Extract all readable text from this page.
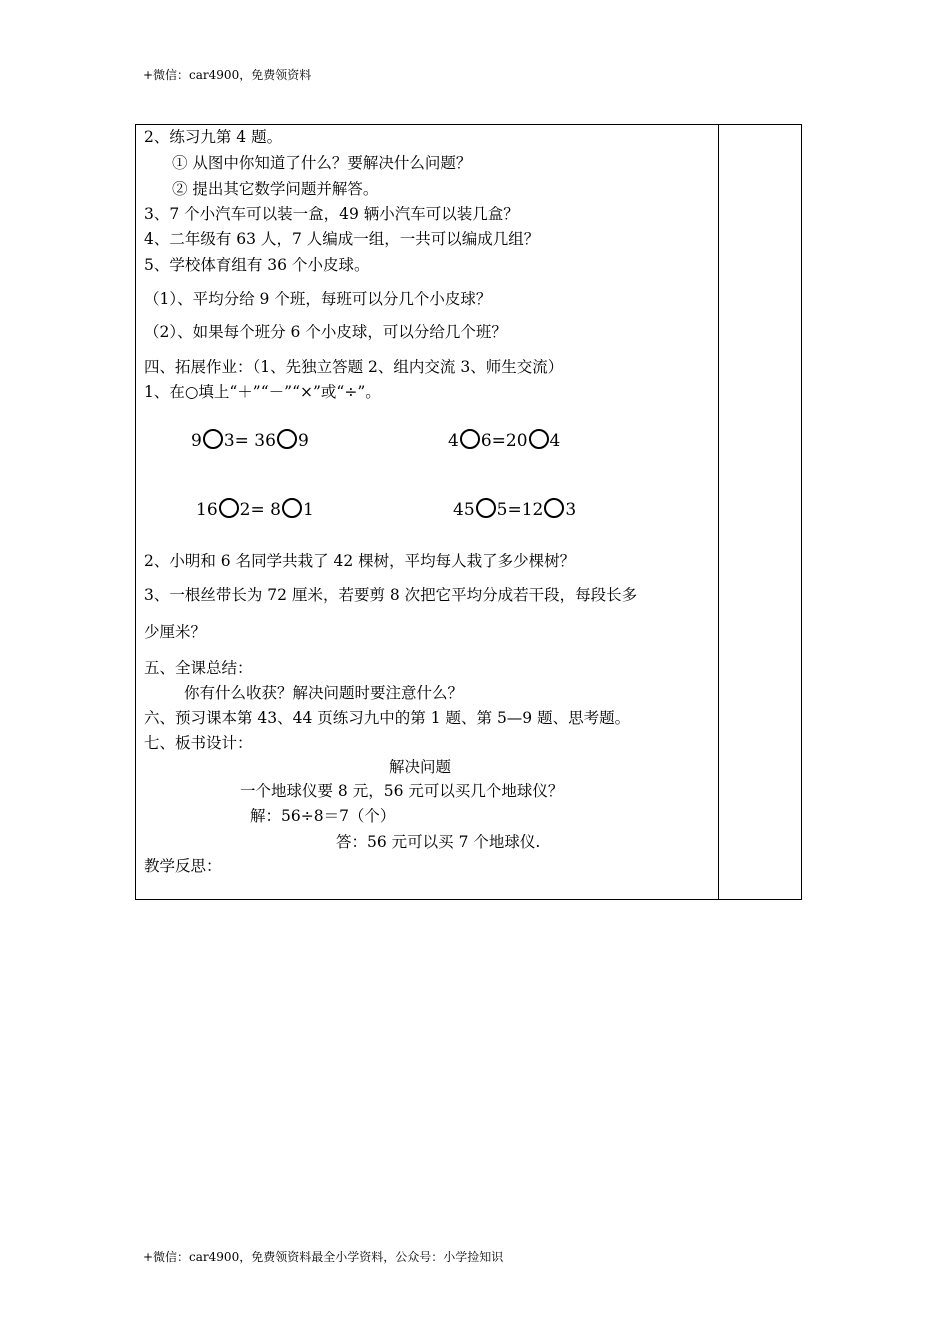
+微信：car4900，免费领资料
2、练习九第 4 题。
① 从图中你知道了什么？要解决什么问题？
② 提出其它数学问题并解答。
3、7 个小汽车可以装一盒，49 辆小汽车可以装几盒？
4、二年级有 63 人，7 人编成一组，一共可以编成几组？
5、学校体育组有 36 个小皮球。
（1）、平均分给 9 个班，每班可以分几个小皮球？
（2）、如果每个班分 6 个小皮球，可以分给几个班？
四、拓展作业：（1、先独立答题 2、组内交流 3、师生交流）
1、在○填上“＋”“－”“×”或“÷”。
9 3= 36 9	4 6=20 4
16 2= 8 1	45 5=12 3
2、小明和 6 名同学共栽了 42 棵树，平均每人栽了多少棵树？
3、一根丝带长为 72 厘米，若要剪 8 次把它平均分成若干段，每段长多
少厘米？
五、全课总结：
你有什么收获？解决问题时要注意什么？
六、预习课本第 43、44 页练习九中的第 1 题、第 5—9 题、思考题。
七、板书设计：
解决问题
一个地球仪要 8 元，56 元可以买几个地球仪？
解：56÷8＝7（个）
答：56 元可以买 7 个地球仪.
教学反思：
+微信：car4900，免费领资料最全小学资料，公众号：小学捡知识
